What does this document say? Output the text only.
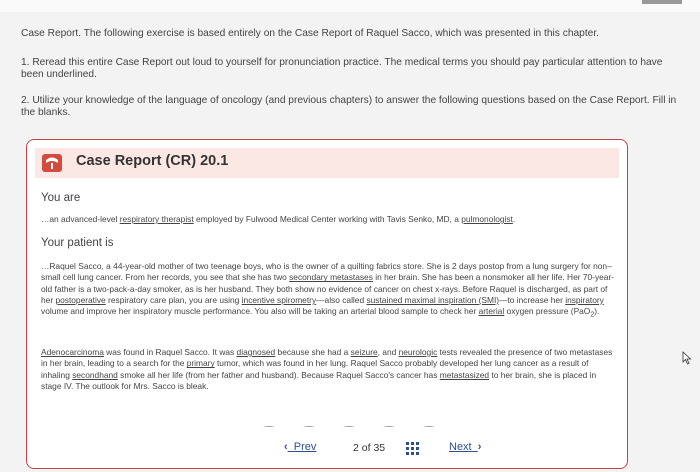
Case Report. The following exercise is based entirely on the Case Report of Raquel Sacco, which was presented in this chapter.

1. Reread this entire Case Report out loud to yourself for pronunciation practice. The medical terms you should pay particular attention to have been underlined.

2. Utilize your knowledge of the language of oncology (and previous chapters) to answer the following questions based on the Case Report. Fill in the blanks.

Case Report (CR) 20.1
You are
…an advanced-level respiratory therapist employed by Fulwood Medical Center working with Tavis Senko, MD, a pulmonologist.
Your patient is

…Raquel Sacco, a 44-year-old mother of two teenage boys, who is the owner of a quilting fabrics store. She is 2 days postop from a lung surgery for non–small cell lung cancer. From her records, you see that she has two secondary metastases in her brain. She has been a nonsmoker all her life. Her 70-year-old father is a two-pack-a-day smoker, as is her husband. They both show no evidence of cancer on chest x-rays. Before Raquel is discharged, as part of her postoperative respiratory care plan, you are using incentive spirometry—also called sustained maximal inspiration (SMI)—to increase her inspiratory volume and improve her inspiratory muscle performance. You also will be taking an arterial blood sample to check her arterial oxygen pressure (PaO$_2$).

Adenocarcinoma was found in Raquel Sacco. It was diagnosed because she had a seizure, and neurologic tests revealed the presence of two metastases in her brain, leading to a search for the primary tumor, which was found in her lung. Raquel Sacco probably developed her lung cancer as a result of inhaling secondhand smoke all her life (from her father and husband). Because Raquel Sacco's cancer has metastasized to her brain, she is placed in stage IV. The outlook for Mrs. Sacco is bleak.

‹ Prev	2 of 35	Next ›
